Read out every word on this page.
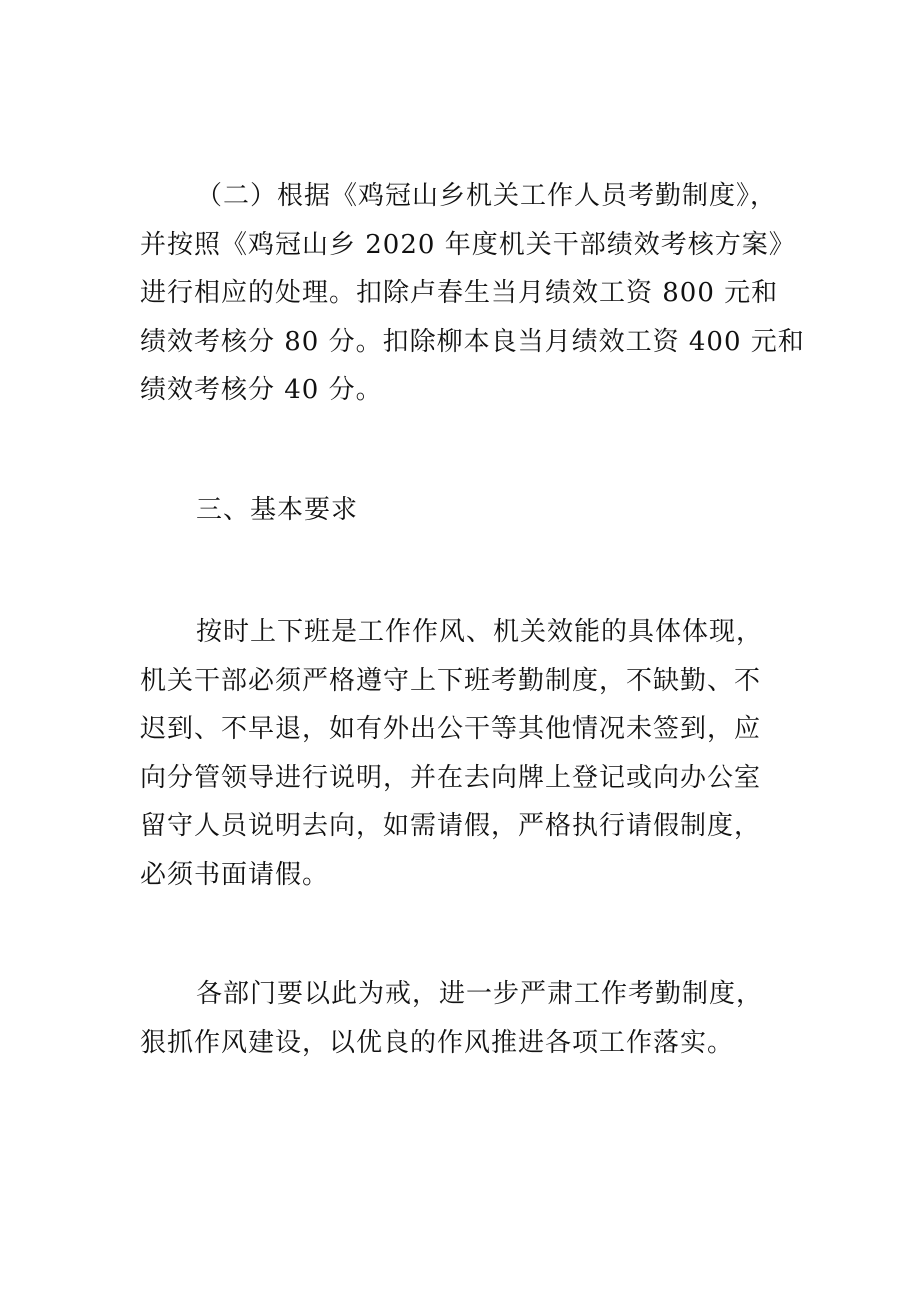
（二）根据《鸡冠山乡机关工作人员考勤制度》，
并按照《鸡冠山乡 2020 年度机关干部绩效考核方案》
进行相应的处理。扣除卢春生当月绩效工资 800 元和
绩效考核分 80 分。扣除柳本良当月绩效工资 400 元和
绩效考核分 40 分。
三、基本要求
按时上下班是工作作风、机关效能的具体体现，
机关干部必须严格遵守上下班考勤制度，不缺勤、不
迟到、不早退，如有外出公干等其他情况未签到，应
向分管领导进行说明，并在去向牌上登记或向办公室
留守人员说明去向，如需请假，严格执行请假制度，
必须书面请假。
各部门要以此为戒，进一步严肃工作考勤制度，
狠抓作风建设，以优良的作风推进各项工作落实。
